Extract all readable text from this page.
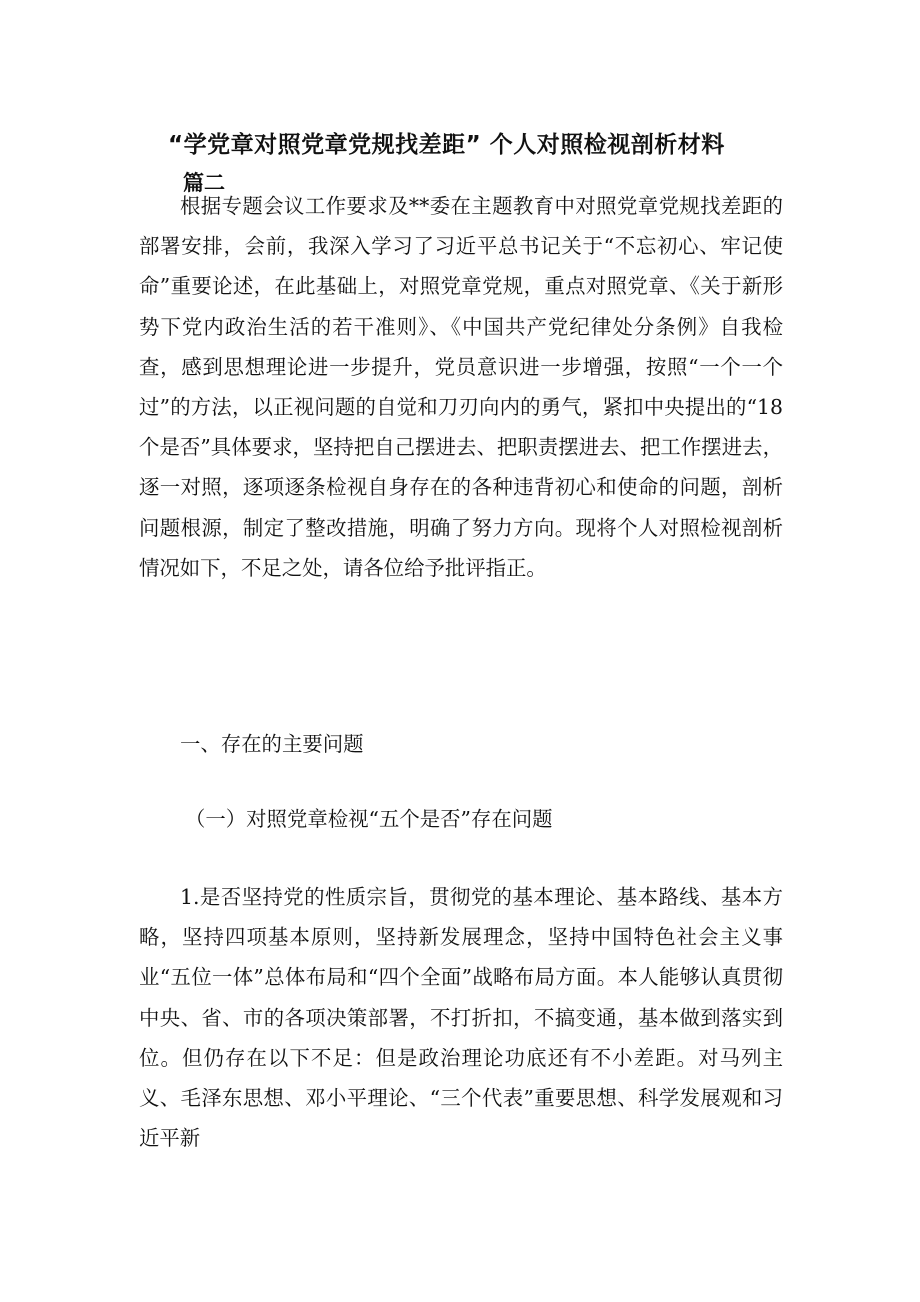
“学党章对照党章党规找差距” 个人对照检视剖析材料
篇二

根据专题会议工作要求及**委在主题教育中对照党章党规找差距的部署安排，会前，我深入学习了习近平总书记关于“不忘初心、牢记使命”重要论述，在此基础上，对照党章党规，重点对照党章、《关于新形势下党内政治生活的若干准则》、《中国共产党纪律处分条例》自我检查，感到思想理论进一步提升，党员意识进一步增强，按照“一个一个过”的方法，以正视问题的自觉和刀刃向内的勇气，紧扣中央提出的“18个是否”具体要求，坚持把自己摆进去、把职责摆进去、把工作摆进去，逐一对照，逐项逐条检视自身存在的各种违背初心和使命的问题，剖析问题根源，制定了整改措施，明确了努力方向。现将个人对照检视剖析情况如下，不足之处，请各位给予批评指正。

一、存在的主要问题

（一）对照党章检视“五个是否”存在问题

1.是否坚持党的性质宗旨，贯彻党的基本理论、基本路线、基本方略，坚持四项基本原则，坚持新发展理念，坚持中国特色社会主义事业“五位一体”总体布局和“四个全面”战略布局方面。本人能够认真贯彻中央、省、市的各项决策部署，不打折扣，不搞变通，基本做到落实到位。但仍存在以下不足：但是政治理论功底还有不小差距。对马列主义、毛泽东思想、邓小平理论、“三个代表”重要思想、科学发展观和习近平新
